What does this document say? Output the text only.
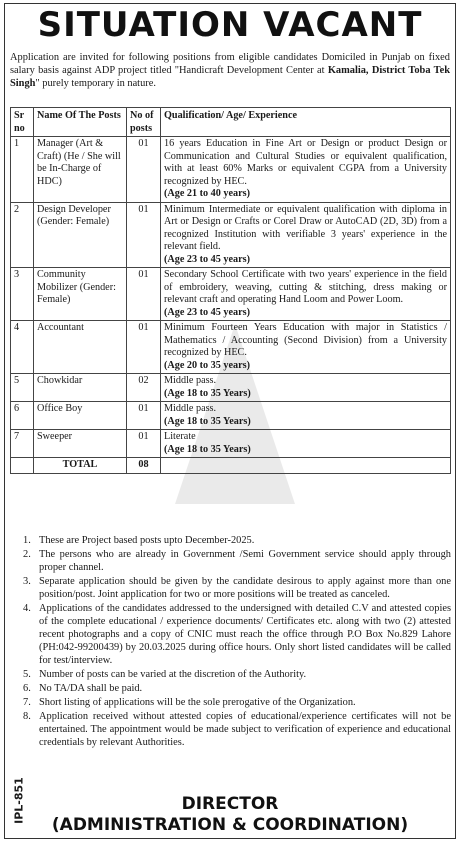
SITUATION VACANT
Application are invited for following positions from eligible candidates Domiciled in Punjab on fixed salary basis against ADP project titled "Handicraft Development Center at Kamalia, District Toba Tek Singh" purely temporary in nature.
Sr no	Name Of The Posts	No of posts	Qualification/ Age/ Experience
1	Manager (Art & Craft) (He / She will be In-Charge of HDC)	01	16 years Education in Fine Art or Design or product Design or Communication and Cultural Studies or equivalent qualification, with at least 60% Marks or equivalent CGPA from a University recognized by HEC.
(Age 21 to 40 years)

2	Design Developer (Gender: Female)	01	Minimum Intermediate or equivalent qualification with diploma in Art or Design or Crafts or Corel Draw or AutoCAD (2D, 3D) from a recognized Institution with verifiable 3 years' experience in the relevant field.
(Age 23 to 45 years)

3	Community Mobilizer (Gender: Female)	01	Secondary School Certificate with two years' experience in the field of embroidery, weaving, cutting & stitching, dress making or relevant craft and operating Hand Loom and Power Loom.
(Age 23 to 45 years)

4	Accountant	01	Minimum Fourteen Years Education with major in Statistics / Mathematics / Accounting (Second Division) from a University recognized by HEC.
(Age 20 to 35 years)

5	Chowkidar	02	Middle pass.
(Age 18 to 35 Years)

6	Office Boy	01	Middle pass.
(Age 18 to 35 Years)

7	Sweeper	01	Literate
(Age 18 to 35 Years)

	TOTAL	08	
1. These are Project based posts upto December-2025.
2. The persons who are already in Government /Semi Government service should apply through proper channel.
3. Separate application should be given by the candidate desirous to apply against more than one position/post. Joint application for two or more positions will be treated as canceled.
4. Applications of the candidates addressed to the undersigned with detailed C.V and attested copies of the complete educational / experience documents/ Certificates etc. along with two (2) attested recent photographs and a copy of CNIC must reach the office through P.O Box No.829 Lahore (PH:042-99200439) by 20.03.2025 during office hours. Only short listed candidates will be called for test/interview.
5. Number of posts can be varied at the discretion of the Authority.
6. No TA/DA shall be paid.
7. Short listing of applications will be the sole prerogative of the Organization.
8. Application received without attested copies of educational/experience certificates will not be entertained. The appointment would be made subject to verification of experience and educational credentials by relevant Authorities.
DIRECTOR
(ADMINISTRATION & COORDINATION)
IPL-851
